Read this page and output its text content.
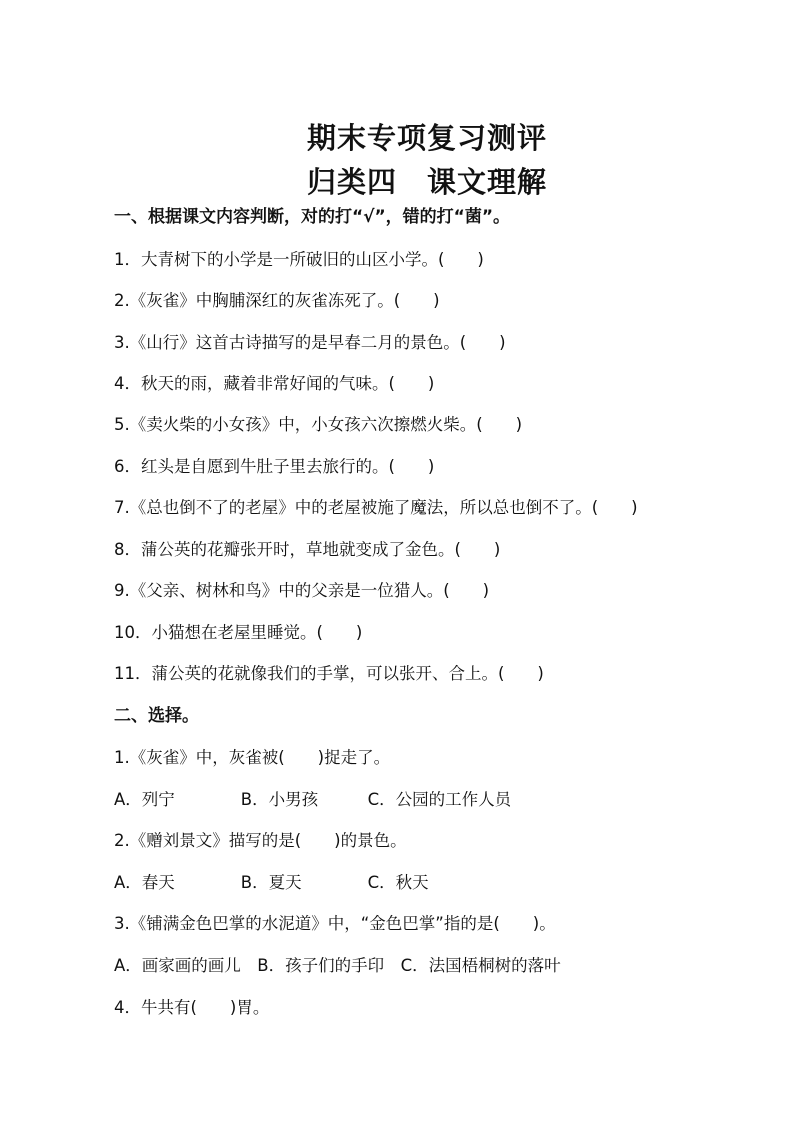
期末专项复习测评
归类四　课文理解
一、根据课文内容判断，对的打“√”，错的打“菌”。
1．大青树下的小学是一所破旧的山区小学。(　　)
2.《灰雀》中胸脯深红的灰雀冻死了。(　　)
3.《山行》这首古诗描写的是早春二月的景色。(　　)
4．秋天的雨，藏着非常好闻的气味。(　　)
5.《卖火柴的小女孩》中，小女孩六次擦燃火柴。(　　)
6．红头是自愿到牛肚子里去旅行的。(　　)
7.《总也倒不了的老屋》中的老屋被施了魔法，所以总也倒不了。(　　)
8．蒲公英的花瓣张开时，草地就变成了金色。(　　)
9.《父亲、树林和鸟》中的父亲是一位猎人。(　　)
10．小猫想在老屋里睡觉。(　　)
11．蒲公英的花就像我们的手掌，可以张开、合上。(　　)
二、选择。
1.《灰雀》中，灰雀被(　　)捉走了。
A．列宁　　　　B．小男孩　　　C．公园的工作人员
2.《赠刘景文》描写的是(　　)的景色。
A．春天　　　　B．夏天　　　　C．秋天
3.《铺满金色巴掌的水泥道》中，“金色巴掌”指的是(　　)。
A．画家画的画儿　B．孩子们的手印　C．法国梧桐树的落叶
4．牛共有(　　)胃。
